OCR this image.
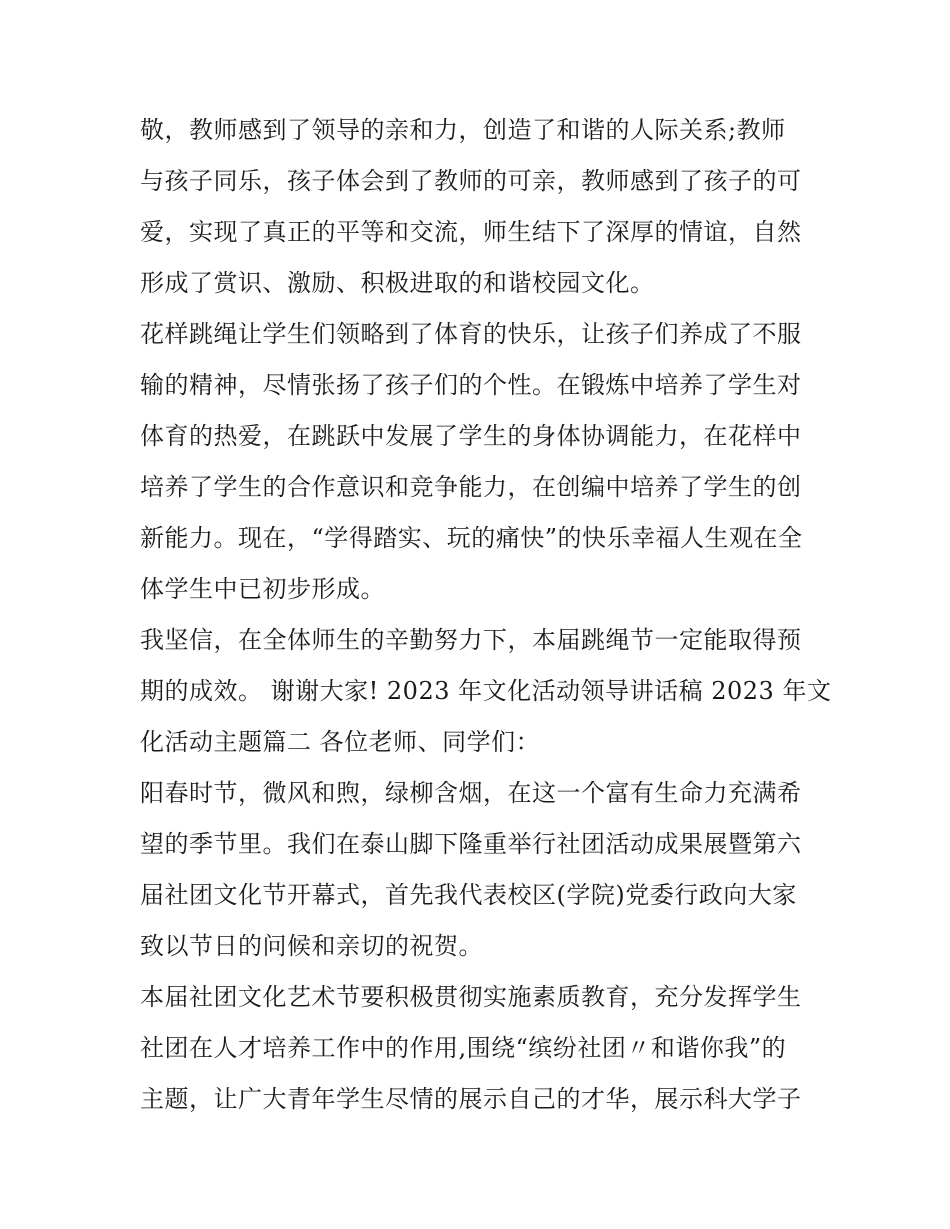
敬，教师感到了领导的亲和力，创造了和谐的人际关系;教师
与孩子同乐，孩子体会到了教师的可亲，教师感到了孩子的可
爱，实现了真正的平等和交流，师生结下了深厚的情谊，自然
形成了赏识、激励、积极进取的和谐校园文化。
花样跳绳让学生们领略到了体育的快乐，让孩子们养成了不服
输的精神，尽情张扬了孩子们的个性。在锻炼中培养了学生对
体育的热爱，在跳跃中发展了学生的身体协调能力，在花样中
培养了学生的合作意识和竞争能力，在创编中培养了学生的创
新能力。现在，“学得踏实、玩的痛快”的快乐幸福人生观在全
体学生中已初步形成。
我坚信，在全体师生的辛勤努力下，本届跳绳节一定能取得预
期的成效。 谢谢大家! 2023 年文化活动领导讲话稿 2023 年文
化活动主题篇二 各位老师、同学们：
阳春时节，微风和煦，绿柳含烟，在这一个富有生命力充满希
望的季节里。我们在泰山脚下隆重举行社团活动成果展暨第六
届社团文化节开幕式，首先我代表校区(学院)党委行政向大家
致以节日的问候和亲切的祝贺。
本届社团文化艺术节要积极贯彻实施素质教育，充分发挥学生
社团在人才培养工作中的作用,围绕“缤纷社团〃和谐你我”的
主题，让广大青年学生尽情的展示自己的才华，展示科大学子
